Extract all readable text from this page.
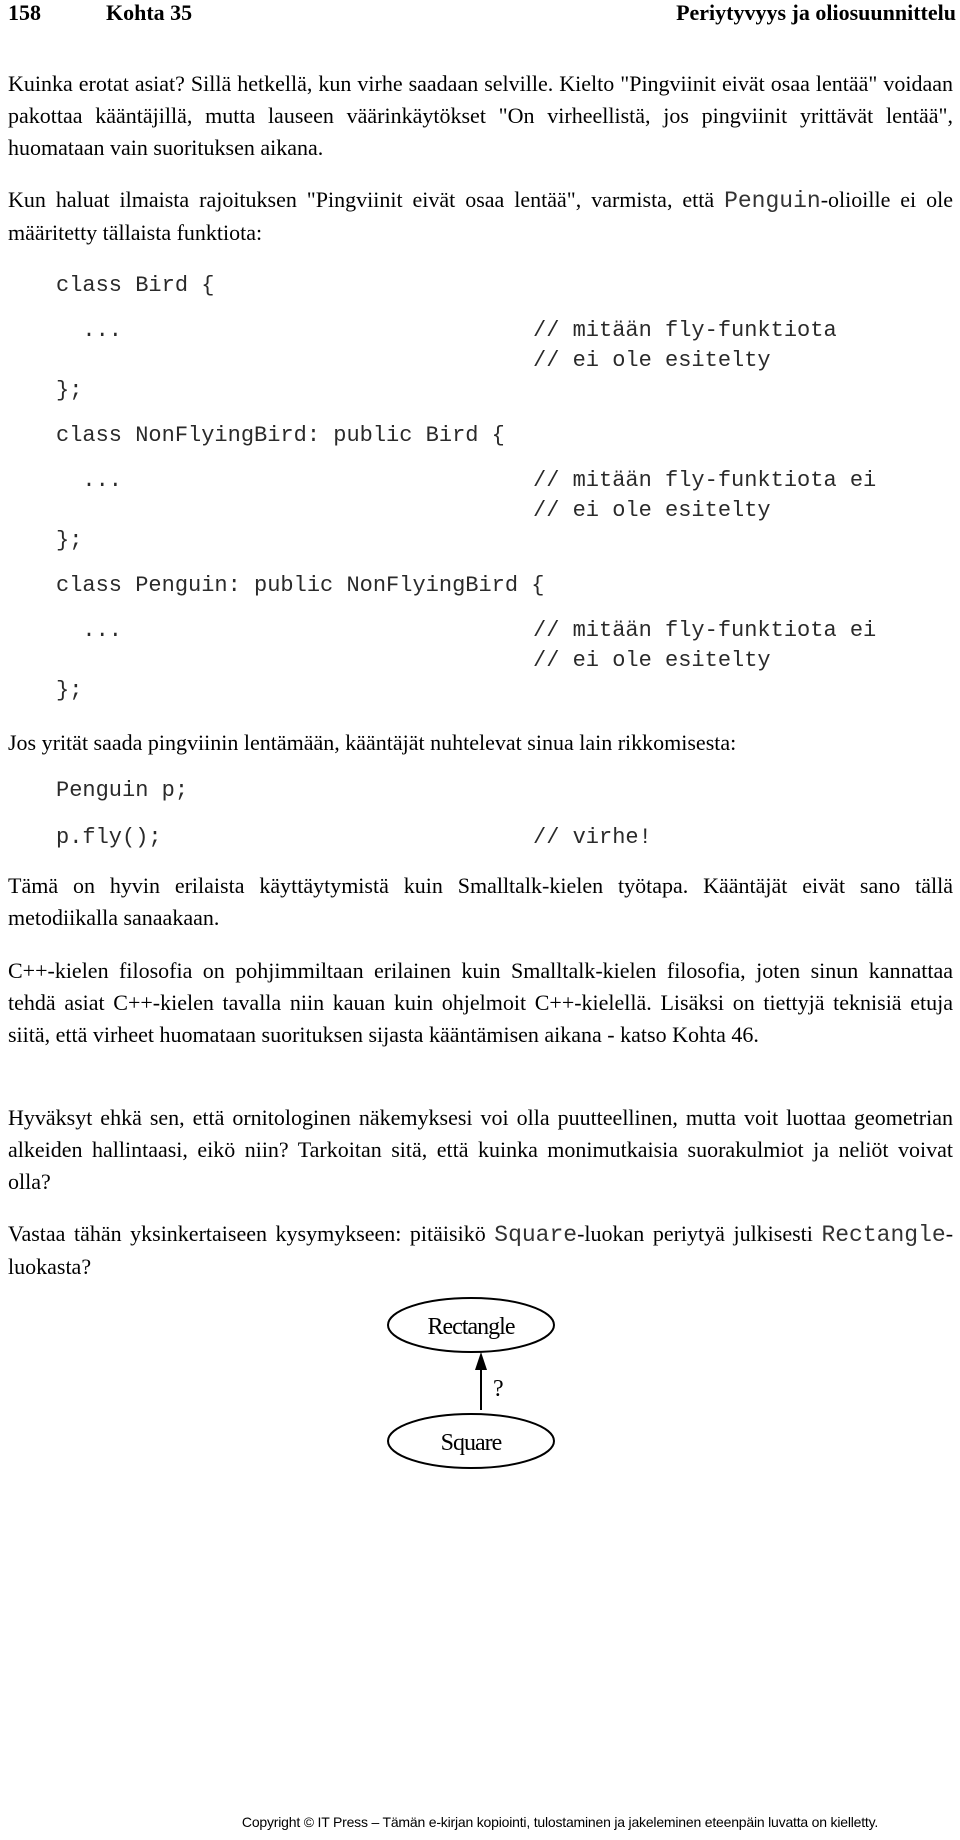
158	Kohta 35	Periytyvyys ja oliosuunnittelu
Kuinka erotat asiat? Sillä hetkellä, kun virhe saadaan selville. Kielto "Pingviinit eivät osaa lentää" voidaan pakottaa kääntäjillä, mutta lauseen väärinkäytökset "On virheellistä, jos pingviinit yrittävät lentää", huomataan vain suorituksen aikana.
Kun haluat ilmaista rajoituksen "Pingviinit eivät osaa lentää", varmista, että Penguin-olioille ei ole määritetty tällaista funktiota:
class Bird {
...	// mitään fly-funktiota
// ei ole esitelty
};
class NonFlyingBird: public Bird {
...	// mitään fly-funktiota ei
// ei ole esitelty
};
class Penguin: public NonFlyingBird {
...	// mitään fly-funktiota ei
// ei ole esitelty
};
Jos yrität saada pingviinin lentämään, kääntäjät nuhtelevat sinua lain rikkomisesta:
Penguin p;
p.fly();	// virhe!
Tämä on hyvin erilaista käyttäytymistä kuin Smalltalk-kielen työtapa. Kääntäjät eivät sano tällä metodiikalla sanaakaan.
C++-kielen filosofia on pohjimmiltaan erilainen kuin Smalltalk-kielen filosofia, joten sinun kannattaa tehdä asiat C++-kielen tavalla niin kauan kuin ohjelmoit C++-kielellä. Lisäksi on tiettyjä teknisiä etuja siitä, että virheet huomataan suorituksen sijasta kääntämisen aikana - katso Kohta 46.
Hyväksyt ehkä sen, että ornitologinen näkemyksesi voi olla puutteellinen, mutta voit luottaa geometrian alkeiden hallintaasi, eikö niin? Tarkoitan sitä, että kuinka monimutkaisia suorakulmiot ja neliöt voivat olla?
Vastaa tähän yksinkertaiseen kysymykseen: pitäisikö Square-luokan periytyä julkisesti Rectangle-luokasta?
Rectangle
?
Square
Copyright © IT Press – Tämän e-kirjan kopiointi, tulostaminen ja jakeleminen eteenpäin luvatta on kielletty.
